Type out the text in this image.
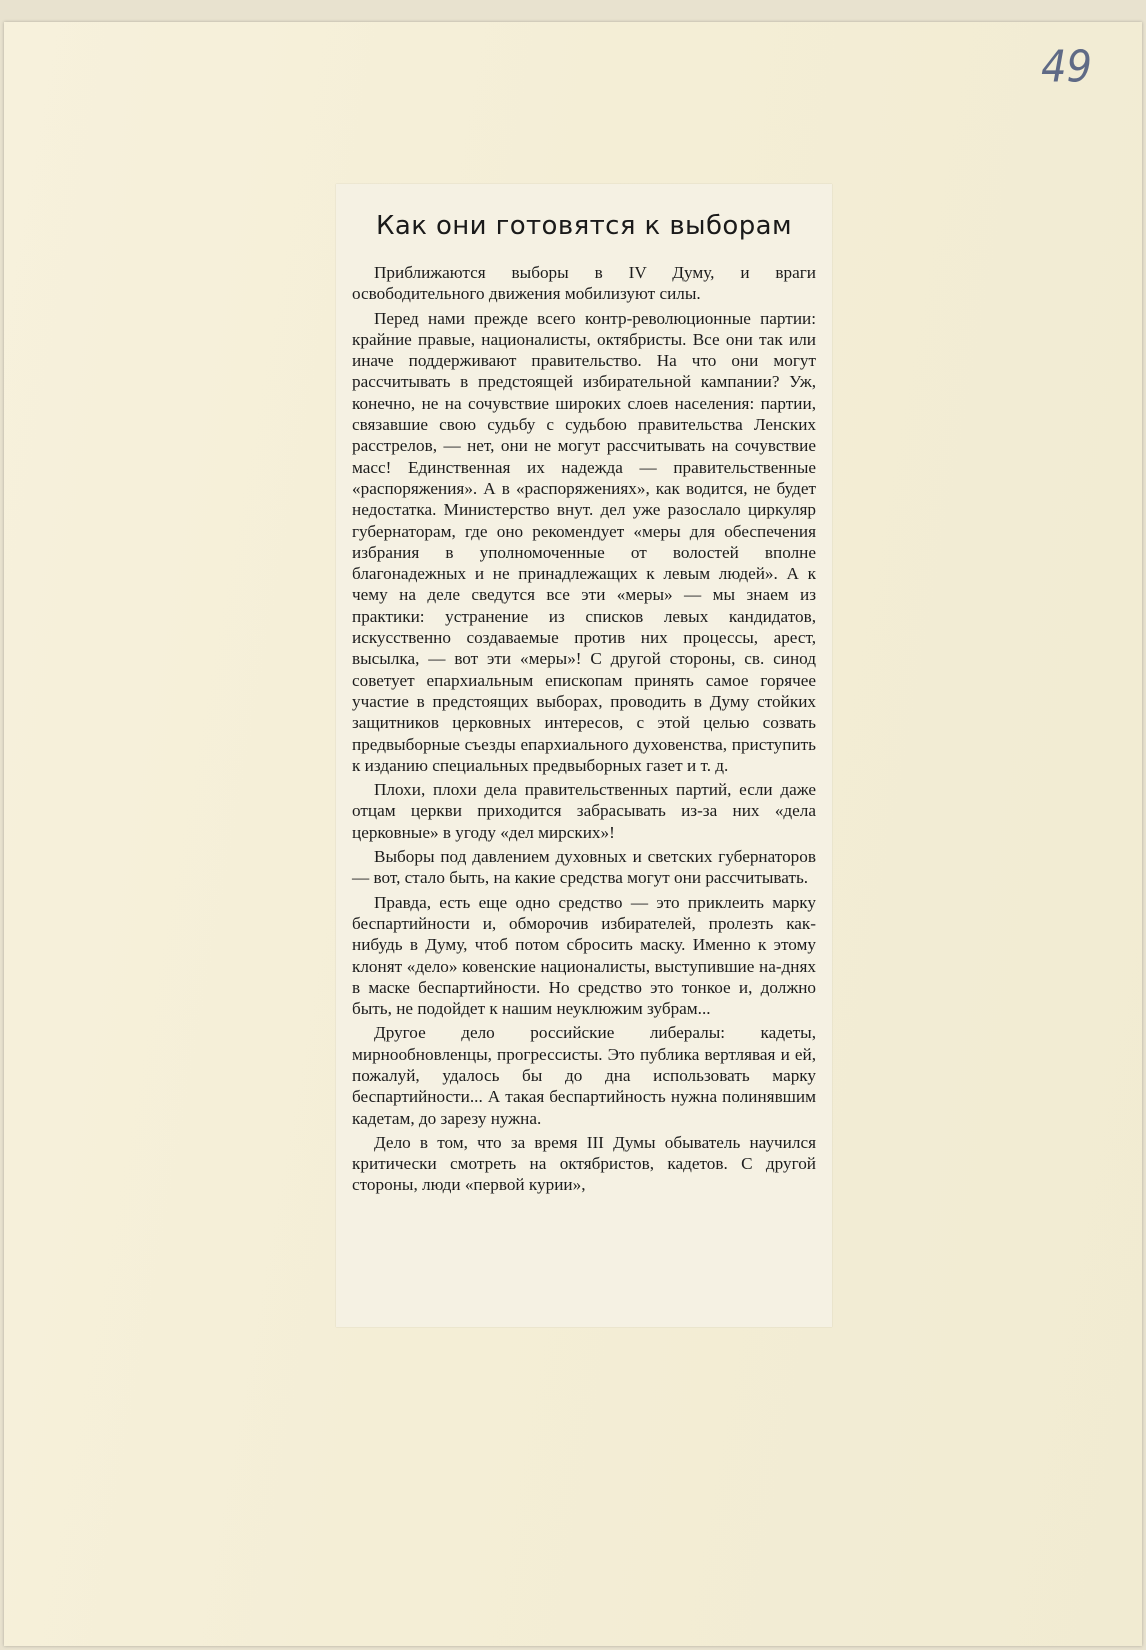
49
Как они готовятся к выборам

Приближаются выборы в IV Думу, и враги освободительного движения мобилизуют силы.

Перед нами прежде всего контр-революционные партии: крайние правые, националисты, октябристы. Все они так или иначе поддерживают правительство. На что они могут рассчитывать в предстоящей избирательной кампании? Уж, конечно, не на сочувствие широких слоев населения: партии, связавшие свою судьбу с судьбою правительства Ленских расстрелов, — нет, они не могут рассчитывать на сочувствие масс! Единственная их надежда — правительственные «распоряжения». А в «распоряжениях», как водится, не будет недостатка. Министерство внут. дел уже разослало циркуляр губернаторам, где оно рекомендует «меры для обеспечения избрания в уполномоченные от волостей вполне благонадежных и не принадлежащих к левым людей». А к чему на деле сведутся все эти «меры» — мы знаем из практики: устранение из списков левых кандидатов, искусственно создаваемые против них процессы, арест, высылка, — вот эти «меры»! С другой стороны, св. синод советует епархиальным епископам принять самое горячее участие в предстоящих выборах, проводить в Думу стойких защитников церковных интересов, с этой целью созвать предвыборные съезды епархиального духовенства, приступить к изданию специальных предвыборных газет и т. д.

Плохи, плохи дела правительственных партий, если даже отцам церкви приходится забрасывать из-за них «дела церковные» в угоду «дел мирских»!

Выборы под давлением духовных и светских губернаторов — вот, стало быть, на какие средства могут они рассчитывать.

Правда, есть еще одно средство — это приклеить марку беспартийности и, обморочив избирателей, пролезть как-нибудь в Думу, чтоб потом сбросить маску. Именно к этому клонят «дело» ковенские националисты, выступившие на-днях в маске беспартийности. Но средство это тонкое и, должно быть, не подойдет к нашим неуклюжим зубрам...

Другое дело российские либералы: кадеты, мирнообновленцы, прогрессисты. Это публика вертлявая и ей, пожалуй, удалось бы до дна использовать марку беспартийности... А такая беспартийность нужна полинявшим кадетам, до зарезу нужна.

Дело в том, что за время III Думы обыватель научился критически смотреть на октябристов, кадетов. С другой стороны, люди «первой курии»,
